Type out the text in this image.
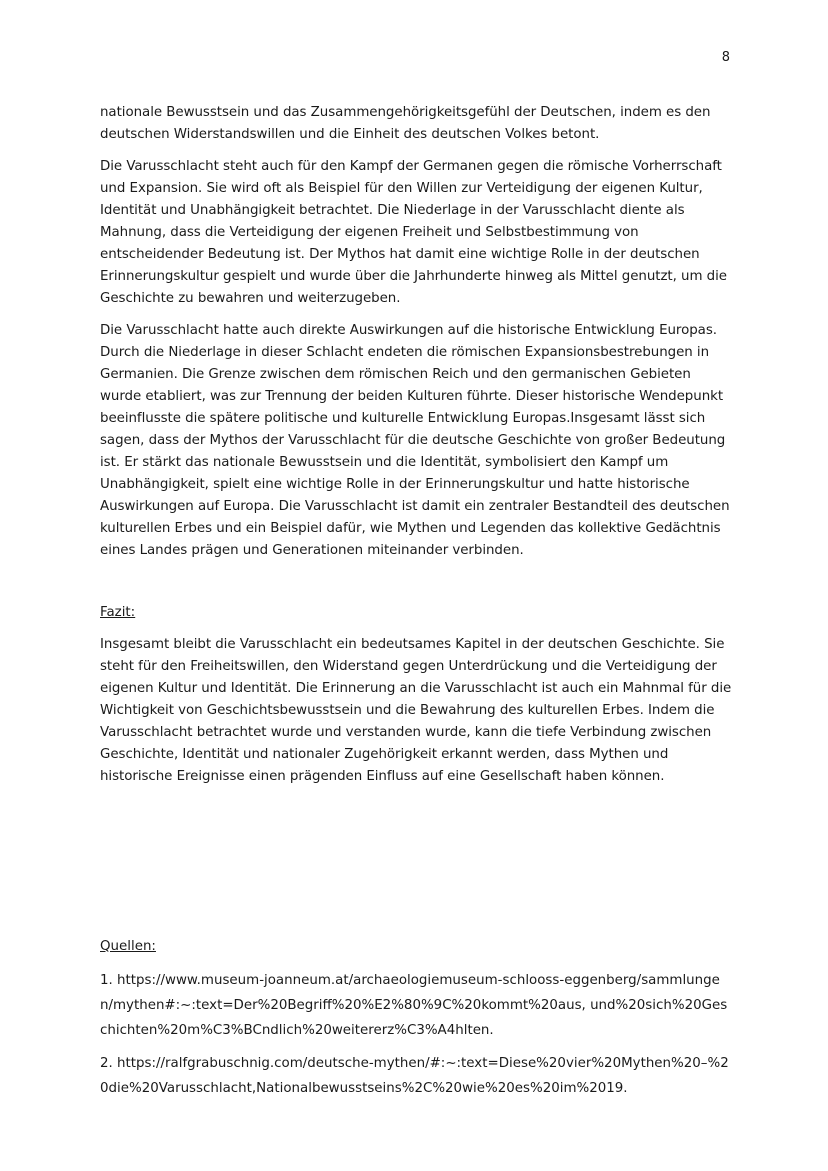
8

nationale Bewusstsein und das Zusammengehörigkeitsgefühl der Deutschen, indem es den deutschen Widerstandswillen und die Einheit des deutschen Volkes betont.

Die Varusschlacht steht auch für den Kampf der Germanen gegen die römische Vorherrschaft und Expansion. Sie wird oft als Beispiel für den Willen zur Verteidigung der eigenen Kultur, Identität und Unabhängigkeit betrachtet. Die Niederlage in der Varusschlacht diente als Mahnung, dass die Verteidigung der eigenen Freiheit und Selbstbestimmung von entscheidender Bedeutung ist. Der Mythos hat damit eine wichtige Rolle in der deutschen Erinnerungskultur gespielt und wurde über die Jahrhunderte hinweg als Mittel genutzt, um die Geschichte zu bewahren und weiterzugeben.

Die Varusschlacht hatte auch direkte Auswirkungen auf die historische Entwicklung Europas. Durch die Niederlage in dieser Schlacht endeten die römischen Expansionsbestrebungen in Germanien. Die Grenze zwischen dem römischen Reich und den germanischen Gebieten wurde etabliert, was zur Trennung der beiden Kulturen führte. Dieser historische Wendepunkt beeinflusste die spätere politische und kulturelle Entwicklung Europas.Insgesamt lässt sich sagen, dass der Mythos der Varusschlacht für die deutsche Geschichte von großer Bedeutung ist. Er stärkt das nationale Bewusstsein und die Identität, symbolisiert den Kampf um Unabhängigkeit, spielt eine wichtige Rolle in der Erinnerungskultur und hatte historische Auswirkungen auf Europa. Die Varusschlacht ist damit ein zentraler Bestandteil des deutschen kulturellen Erbes und ein Beispiel dafür, wie Mythen und Legenden das kollektive Gedächtnis eines Landes prägen und Generationen miteinander verbinden.

Fazit:

Insgesamt bleibt die Varusschlacht ein bedeutsames Kapitel in der deutschen Geschichte. Sie steht für den Freiheitswillen, den Widerstand gegen Unterdrückung und die Verteidigung der eigenen Kultur und Identität. Die Erinnerung an die Varusschlacht ist auch ein Mahnmal für die Wichtigkeit von Geschichtsbewusstsein und die Bewahrung des kulturellen Erbes. Indem die Varusschlacht betrachtet wurde und verstanden wurde, kann die tiefe Verbindung zwischen Geschichte, Identität und nationaler Zugehörigkeit erkannt werden, dass Mythen und historische Ereignisse einen prägenden Einfluss auf eine Gesellschaft haben können.

Quellen:

1. https://www.museum-joanneum.at/archaeologiemuseum-schlooss-eggenberg/sammlungen/mythen#:~:text=Der%20Begriff%20%E2%80%9C%20kommt%20aus, und%20sich%20Geschichten%20m%C3%BCndlich%20weitererz%C3%A4hlten.

2. https://ralfgrabuschnig.com/deutsche-mythen/#:~:text=Diese%20vier%20Mythen%20–%20die%20Varusschlacht,Nationalbewusstseins%2C%20wie%20es%20im%2019.
